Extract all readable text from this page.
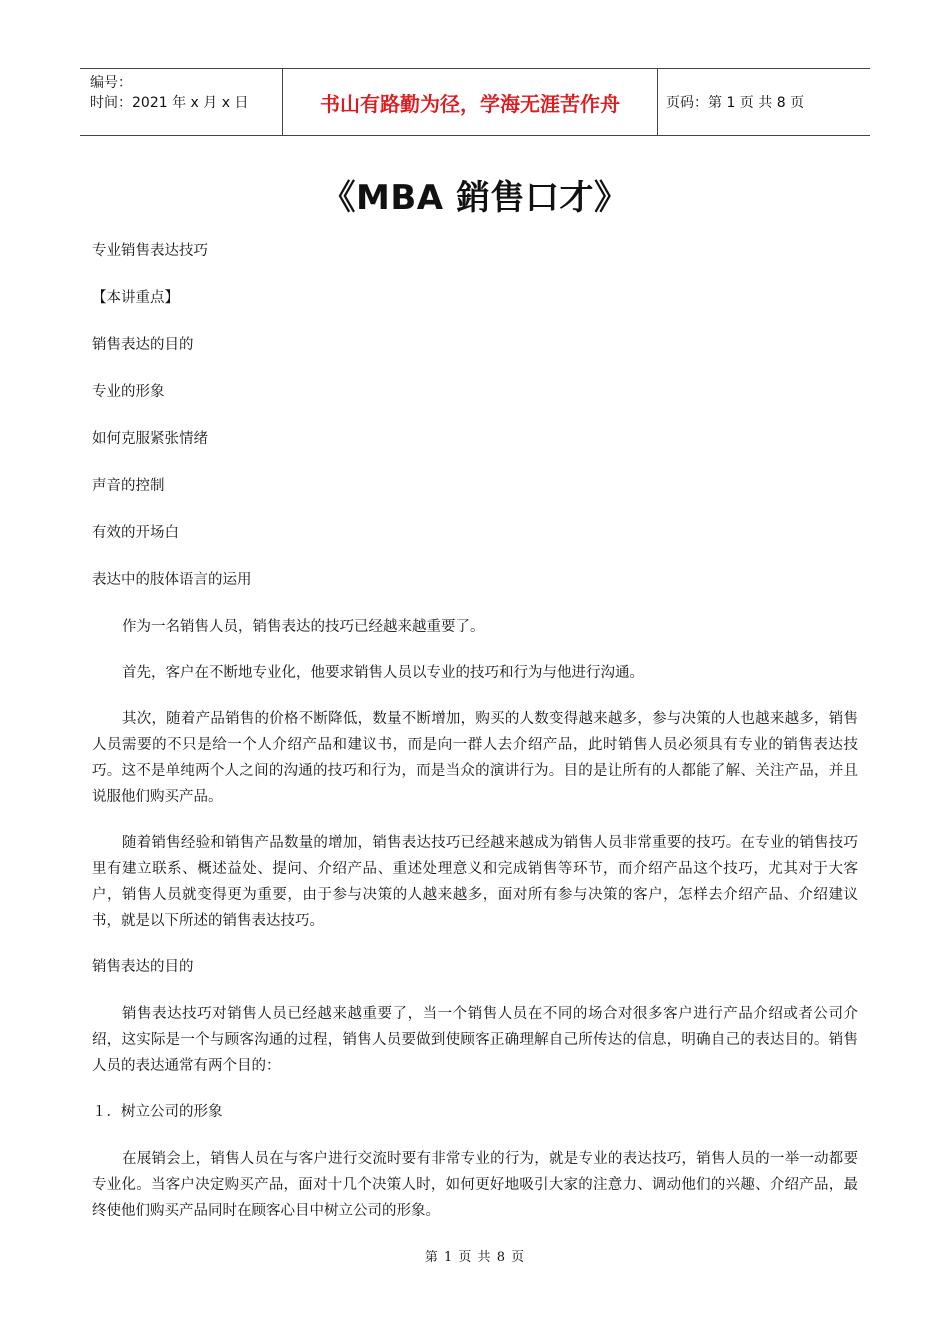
编号：
时间：2021 年 x 月 x 日	书山有路勤为径，学海无涯苦作舟	页码：第 1 页 共 8 页
《MBA 銷售口才》

专业销售表达技巧

【本讲重点】

销售表达的目的

专业的形象

如何克服紧张情绪

声音的控制

有效的开场白

表达中的肢体语言的运用

作为一名销售人员，销售表达的技巧已经越来越重要了。

首先，客户在不断地专业化，他要求销售人员以专业的技巧和行为与他进行沟通。

其次，随着产品销售的价格不断降低，数量不断增加，购买的人数变得越来越多，参与决策的人也越来越多，销售人员需要的不只是给一个人介绍产品和建议书，而是向一群人去介绍产品，此时销售人员必须具有专业的销售表达技巧。这不是单纯两个人之间的沟通的技巧和行为，而是当众的演讲行为。目的是让所有的人都能了解、关注产品，并且说服他们购买产品。

随着销售经验和销售产品数量的增加，销售表达技巧已经越来越成为销售人员非常重要的技巧。在专业的销售技巧里有建立联系、概述益处、提问、介绍产品、重述处理意义和完成销售等环节，而介绍产品这个技巧，尤其对于大客户，销售人员就变得更为重要，由于参与决策的人越来越多，面对所有参与决策的客户，怎样去介绍产品、介绍建议书，就是以下所述的销售表达技巧。

销售表达的目的

销售表达技巧对销售人员已经越来越重要了，当一个销售人员在不同的场合对很多客户进行产品介绍或者公司介绍，这实际是一个与顾客沟通的过程，销售人员要做到使顾客正确理解自己所传达的信息，明确自己的表达目的。销售人员的表达通常有两个目的：

１．树立公司的形象

在展销会上，销售人员在与客户进行交流时要有非常专业的行为，就是专业的表达技巧，销售人员的一举一动都要专业化。当客户决定购买产品，面对十几个决策人时，如何更好地吸引大家的注意力、调动他们的兴趣、介绍产品，最终使他们购买产品同时在顾客心目中树立公司的形象。

第 1 页 共 8 页
